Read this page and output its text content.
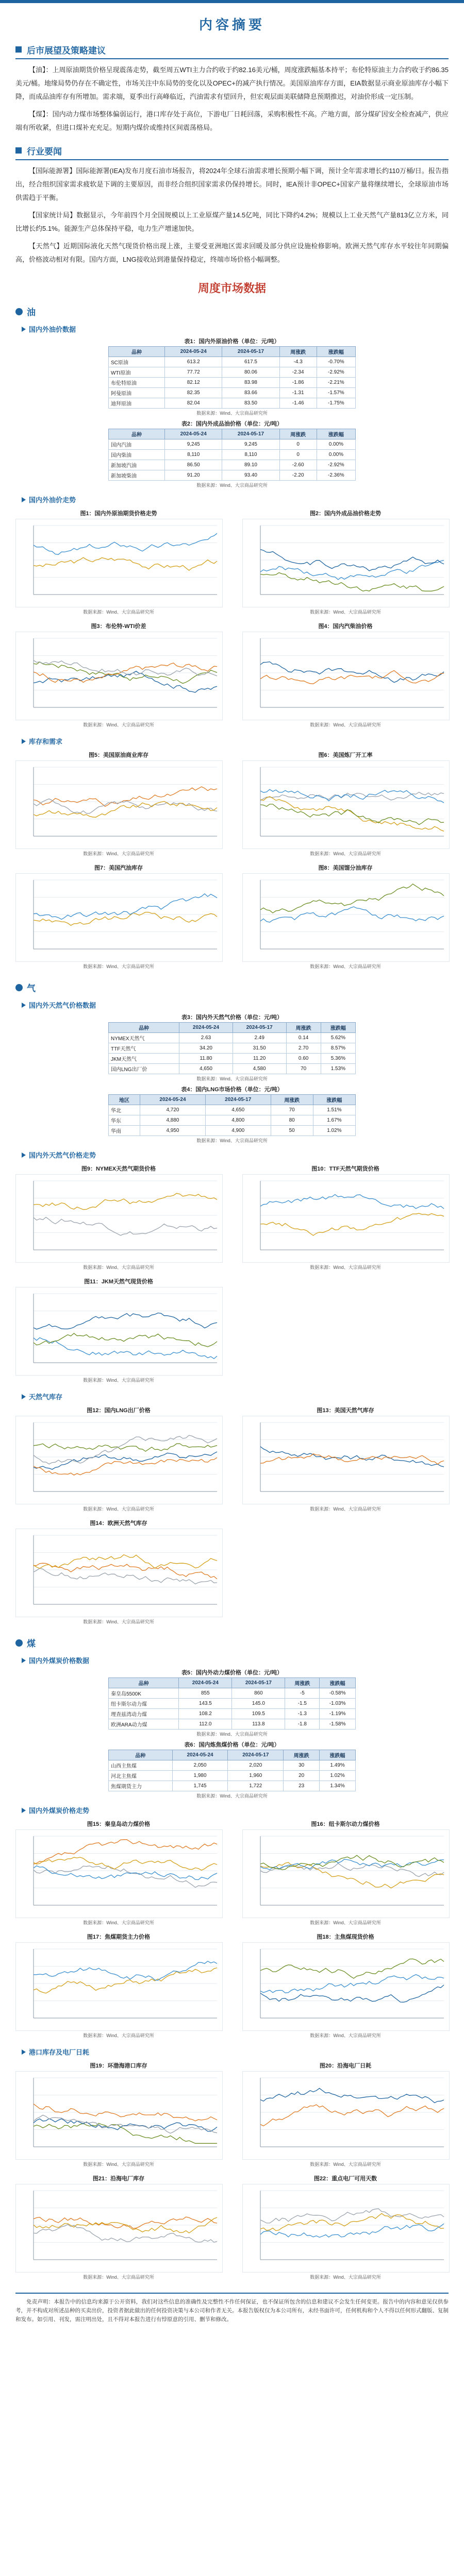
内容摘要
后市展望及策略建议

【油】：上周原油期货价格呈现震荡走势，截至周五WTI主力合约收于约82.16美元/桶，周度涨跌幅基本持平；布伦特原油主力合约收于约86.35美元/桶。地缘局势仍存在不确定性，市场关注中东局势的变化以及OPEC+的减产执行情况。美国原油库存方面，EIA数据显示商业原油库存小幅下降，而成品油库存有所增加。需求端，夏季出行高峰临近，汽油需求有望回升，但宏观层面美联储降息预期推迟，对油价形成一定压制。

【煤】：国内动力煤市场整体偏弱运行，港口库存处于高位，下游电厂日耗回落，采购积极性不高。产地方面，部分煤矿因安全检查减产，供应端有所收紧，但进口煤补充充足。短期内煤价或维持区间震荡格局。

行业要闻

【国际能源署】国际能源署(IEA)发布月度石油市场报告，将2024年全球石油需求增长预期小幅下调，预计全年需求增长约110万桶/日。报告指出，经合组织国家需求疲软是下调的主要原因，而非经合组织国家需求仍保持增长。同时，IEA预计非OPEC+国家产量将继续增长，全球原油市场供需趋于平衡。

【国家统计局】数据显示，今年前四个月全国规模以上工业原煤产量14.5亿吨，同比下降约4.2%；规模以上工业天然气产量813亿立方米，同比增长约5.1%。能源生产总体保持平稳，电力生产增速加快。

【天然气】近期国际液化天然气现货价格出现上涨，主要受亚洲地区需求回暖及部分供应设施检修影响。欧洲天然气库存水平较往年同期偏高，价格波动相对有限。国内方面，LNG接收站到港量保持稳定，终端市场价格小幅调整。

周度市场数据
油
国内外油价数据
表1：国内外原油价格（单位：元/吨）
品种	2024-05-24	2024-05-17	周涨跌	涨跌幅
SC原油	613.2	617.5	-4.3	-0.70%
WTI原油	77.72	80.06	-2.34	-2.92%
布伦特原油	82.12	83.98	-1.86	-2.21%
阿曼原油	82.35	83.66	-1.31	-1.57%
迪拜原油	82.04	83.50	-1.46	-1.75%
数据来源：Wind、大宗商品研究所
表2：国内外成品油价格（单位：元/吨）
品种	2024-05-24	2024-05-17	周涨跌	涨跌幅
国内汽油	9,245	9,245	0	0.00%
国内柴油	8,110	8,110	0	0.00%
新加坡汽油	86.50	89.10	-2.60	-2.92%
新加坡柴油	91.20	93.40	-2.20	-2.36%
数据来源：Wind、大宗商品研究所
国内外油价走势
图1：国内外原油期货价格走势
数据来源：Wind、大宗商品研究所
图2：国内外成品油价格走势
数据来源：Wind、大宗商品研究所
图3：布伦特-WTI价差
数据来源：Wind、大宗商品研究所
图4：国内汽柴油价格
数据来源：Wind、大宗商品研究所
库存和需求
图5：美国原油商业库存
数据来源：Wind、大宗商品研究所
图6：美国炼厂开工率
数据来源：Wind、大宗商品研究所
图7：美国汽油库存
数据来源：Wind、大宗商品研究所
图8：美国馏分油库存
数据来源：Wind、大宗商品研究所
气
国内外天然气价格数据
表3：国内外天然气价格（单位：元/吨）
品种	2024-05-24	2024-05-17	周涨跌	涨跌幅
NYMEX天然气	2.63	2.49	0.14	5.62%
TTF天然气	34.20	31.50	2.70	8.57%
JKM天然气	11.80	11.20	0.60	5.36%
国内LNG出厂价	4,650	4,580	70	1.53%
数据来源：Wind、大宗商品研究所
表4：国内LNG市场价格（单位：元/吨）
地区	2024-05-24	2024-05-17	周涨跌	涨跌幅
华北	4,720	4,650	70	1.51%
华东	4,880	4,800	80	1.67%
华南	4,950	4,900	50	1.02%
数据来源：Wind、大宗商品研究所
国内外天然气价格走势
图9：NYMEX天然气期货价格
数据来源：Wind、大宗商品研究所
图10：TTF天然气期货价格
数据来源：Wind、大宗商品研究所
图11：JKM天然气现货价格
数据来源：Wind、大宗商品研究所
天然气库存
图12：国内LNG出厂价格
数据来源：Wind、大宗商品研究所
图13：美国天然气库存
数据来源：Wind、大宗商品研究所
图14：欧洲天然气库存
数据来源：Wind、大宗商品研究所
煤
国内外煤炭价格数据
表5：国内外动力煤价格（单位：元/吨）
品种	2024-05-24	2024-05-17	周涨跌	涨跌幅
秦皇岛5500K	855	860	-5	-0.58%
纽卡斯尔动力煤	143.5	145.0	-1.5	-1.03%
理查兹湾动力煤	108.2	109.5	-1.3	-1.19%
欧洲ARA动力煤	112.0	113.8	-1.8	-1.58%
数据来源：Wind、大宗商品研究所
表6：国内炼焦煤价格（单位：元/吨）
品种	2024-05-24	2024-05-17	周涨跌	涨跌幅
山西主焦煤	2,050	2,020	30	1.49%
河北主焦煤	1,980	1,960	20	1.02%
焦煤期货主力	1,745	1,722	23	1.34%
数据来源：Wind、大宗商品研究所
国内外煤炭价格走势
图15：秦皇岛动力煤价格
数据来源：Wind、大宗商品研究所
图16：纽卡斯尔动力煤价格
数据来源：Wind、大宗商品研究所
图17：焦煤期货主力价格
数据来源：Wind、大宗商品研究所
图18：主焦煤现货价格
数据来源：Wind、大宗商品研究所
港口库存及电厂日耗
图19：环渤海港口库存
数据来源：Wind、大宗商品研究所
图20：沿海电厂日耗
数据来源：Wind、大宗商品研究所
图21：沿海电厂库存
数据来源：Wind、大宗商品研究所
图22：重点电厂可用天数
数据来源：Wind、大宗商品研究所
免责声明：本报告中的信息均来源于公开资料，我们对这些信息的准确性及完整性不作任何保证，也不保证所包含的信息和建议不会发生任何变更。报告中的内容和意见仅供参考，并不构成对所述品种的买卖出价，投资者据此做出的任何投资决策与本公司和作者无关。本报告版权仅为本公司所有，未经书面许可，任何机构和个人不得以任何形式翻版、复制和发布。如引用、刊发，需注明出处，且不得对本报告进行有悖原意的引用、删节和修改。
